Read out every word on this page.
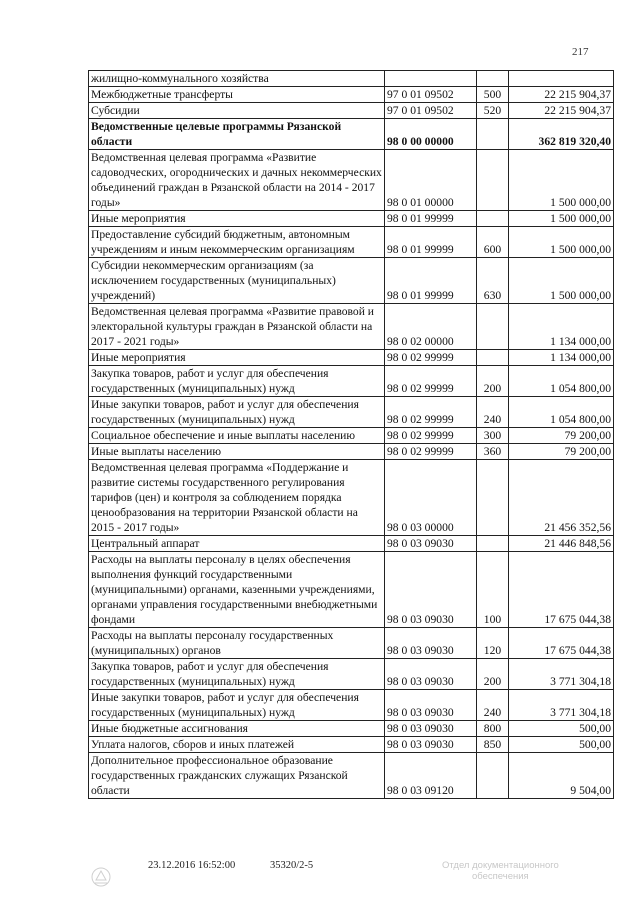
217
жилищно-коммунального хозяйства			
Межбюджетные трансферты	97 0 01 09502	500	22 215 904,37
Субсидии	97 0 01 09502	520	22 215 904,37
Ведомственные целевые программы Рязанской области	98 0 00 00000		362 819 320,40
Ведомственная целевая программа «Развитие садоводческих, огороднических и дачных некоммерческих объединений граждан в Рязанской области на 2014 - 2017 годы»	98 0 01 00000		1 500 000,00
Иные мероприятия	98 0 01 99999		1 500 000,00
Предоставление субсидий бюджетным, автономным учреждениям и иным некоммерческим организациям	98 0 01 99999	600	1 500 000,00
Субсидии некоммерческим организациям (за исключением государственных (муниципальных) учреждений)	98 0 01 99999	630	1 500 000,00
Ведомственная целевая программа «Развитие правовой и электоральной культуры граждан в Рязанской области на 2017 - 2021 годы»	98 0 02 00000		1 134 000,00
Иные мероприятия	98 0 02 99999		1 134 000,00
Закупка товаров, работ и услуг для обеспечения государственных (муниципальных) нужд	98 0 02 99999	200	1 054 800,00
Иные закупки товаров, работ и услуг для обеспечения государственных (муниципальных) нужд	98 0 02 99999	240	1 054 800,00
Социальное обеспечение и иные выплаты населению	98 0 02 99999	300	79 200,00
Иные выплаты населению	98 0 02 99999	360	79 200,00
Ведомственная целевая программа «Поддержание и развитие системы государственного регулирования тарифов (цен) и контроля за соблюдением порядка ценообразования на территории Рязанской области на 2015 - 2017 годы»	98 0 03 00000		21 456 352,56
Центральный аппарат	98 0 03 09030		21 446 848,56
Расходы на выплаты персоналу в целях обеспечения выполнения функций государственными (муниципальными) органами, казенными учреждениями, органами управления государственными внебюджетными фондами	98 0 03 09030	100	17 675 044,38
Расходы на выплаты персоналу государственных (муниципальных) органов	98 0 03 09030	120	17 675 044,38
Закупка товаров, работ и услуг для обеспечения государственных (муниципальных) нужд	98 0 03 09030	200	3 771 304,18
Иные закупки товаров, работ и услуг для обеспечения государственных (муниципальных) нужд	98 0 03 09030	240	3 771 304,18
Иные бюджетные ассигнования	98 0 03 09030	800	500,00
Уплата налогов, сборов и иных платежей	98 0 03 09030	850	500,00
Дополнительное профессиональное образование государственных гражданских служащих Рязанской области	98 0 03 09120		9 504,00
23.12.2016 16:52:00	35320/2-5	Отдел документационного
обеспечения
